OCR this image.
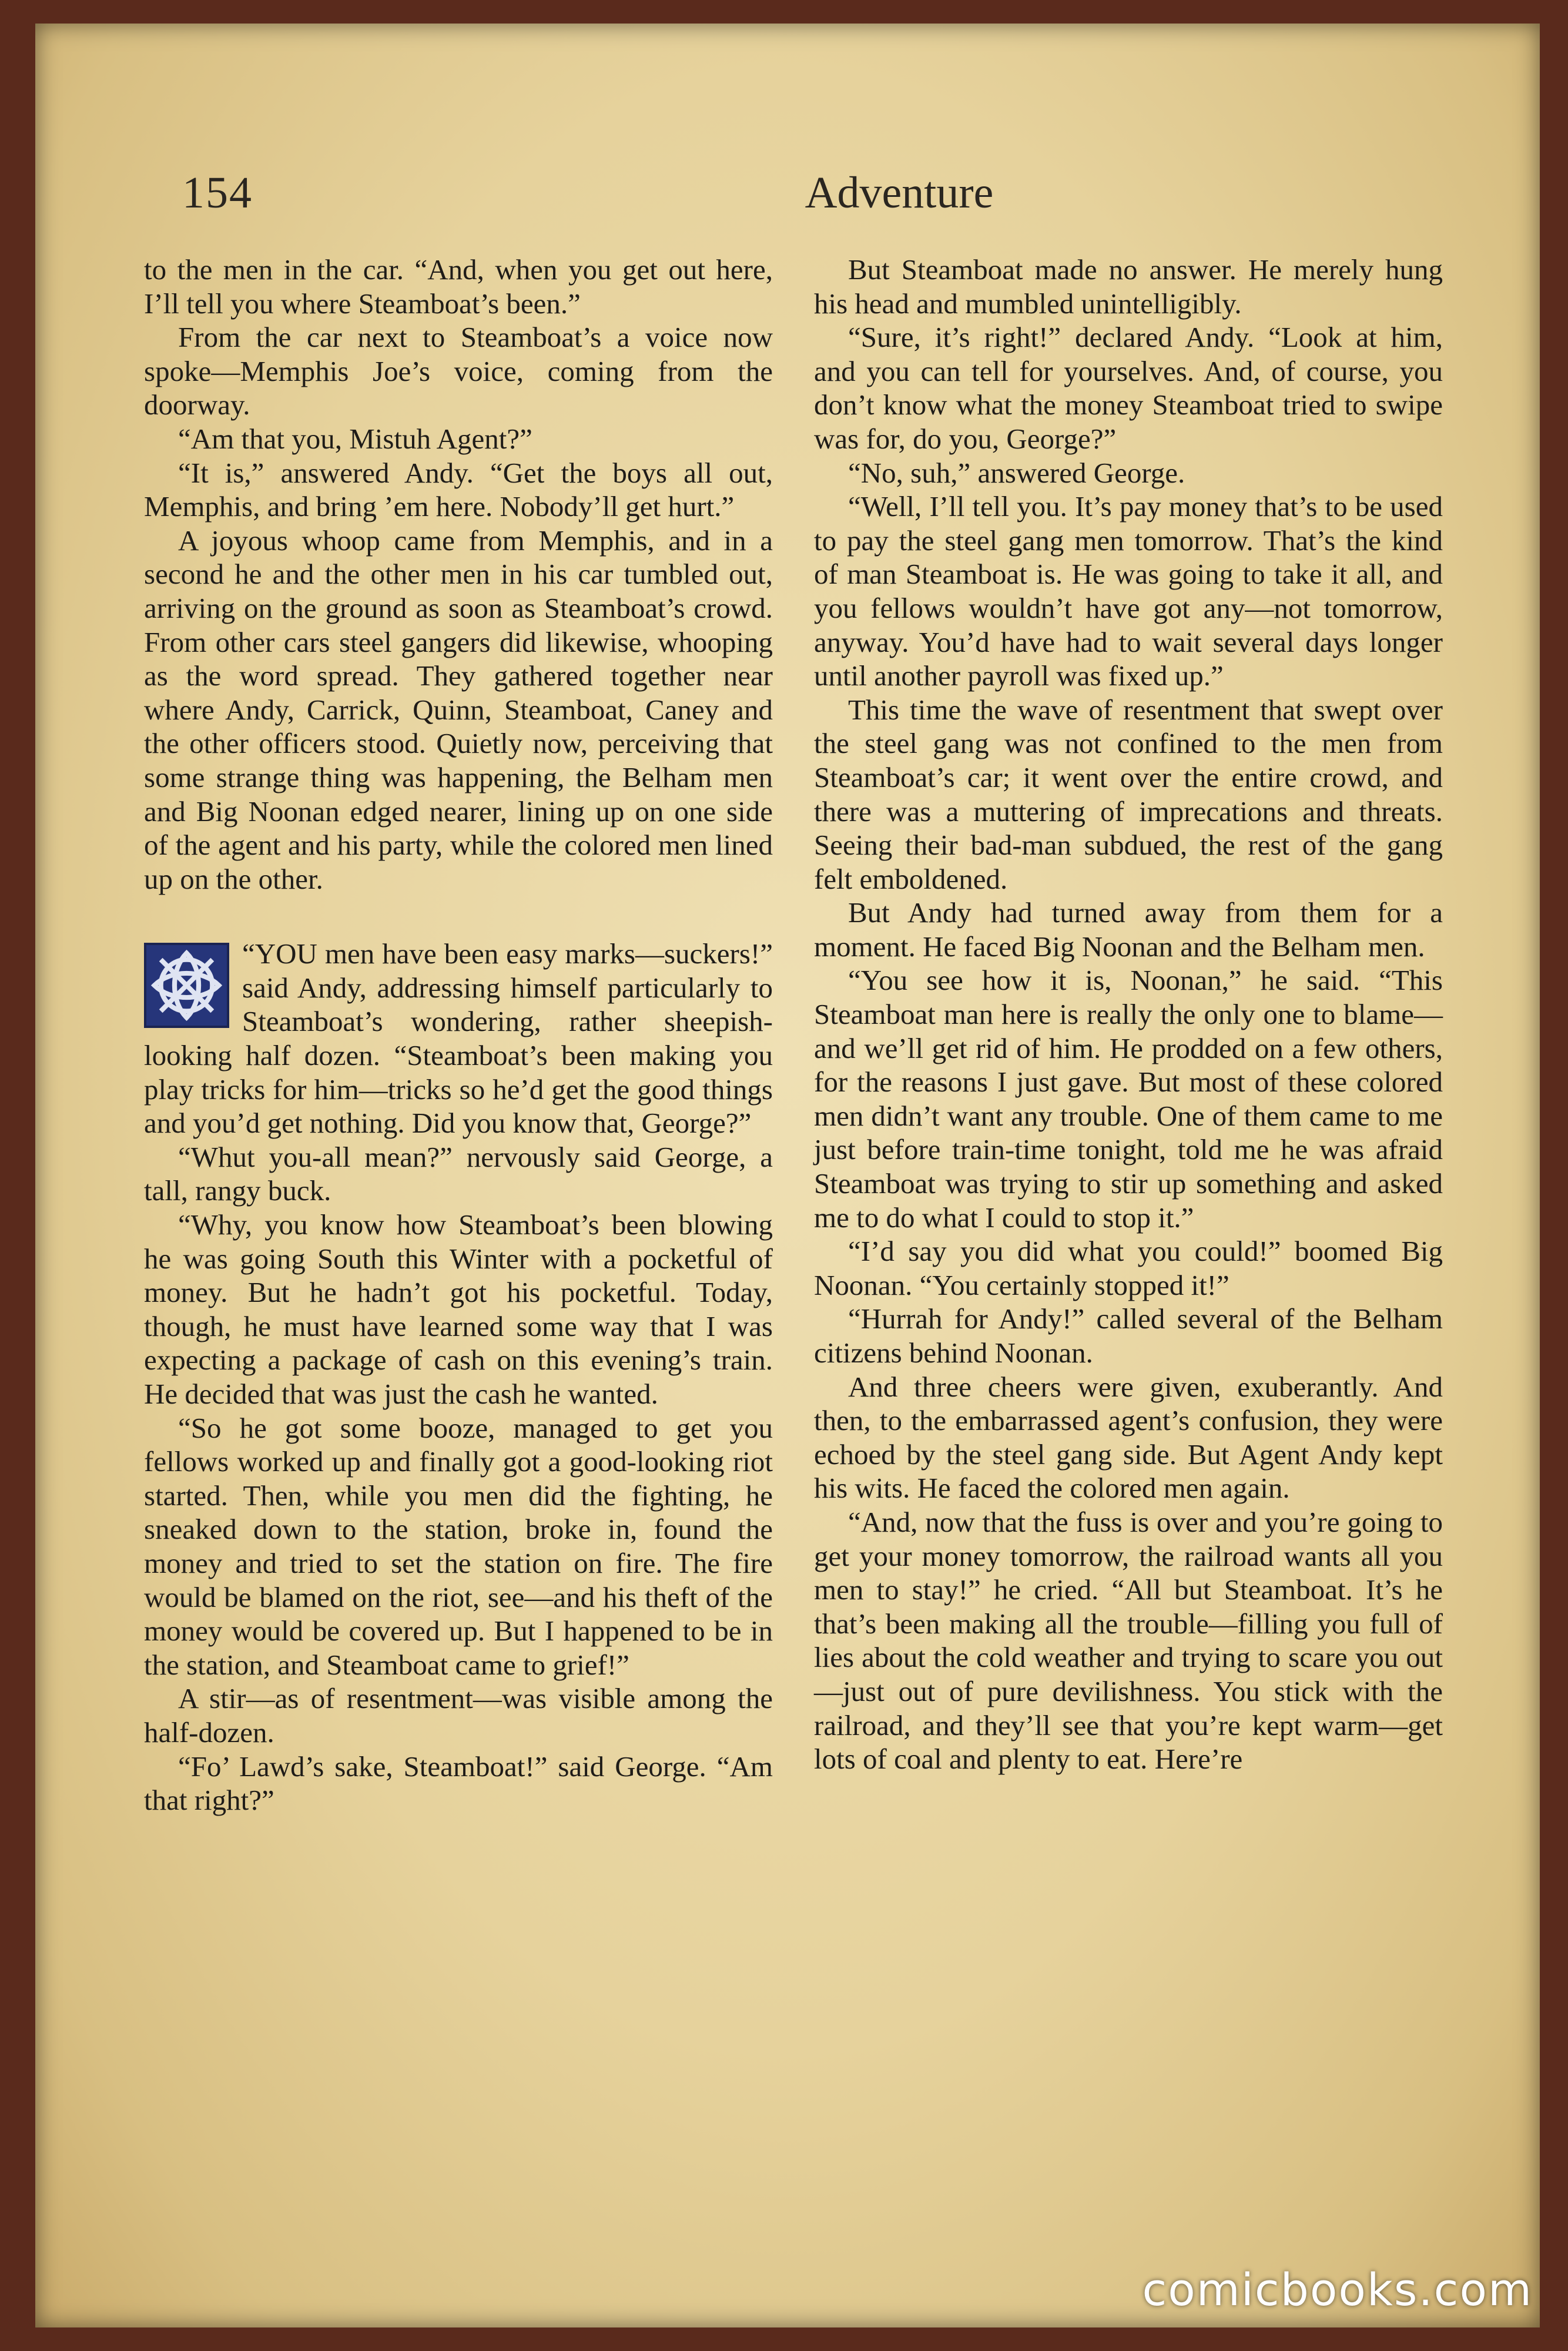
154	Adventure

to the men in the car. “And, when you get out here, I’ll tell you where Steamboat’s been.”

From the car next to Steamboat’s a voice now spoke—Memphis Joe’s voice, coming from the doorway.

“Am that you, Mistuh Agent?”

“It is,” answered Andy. “Get the boys all out, Memphis, and bring ’em here. Nobody’ll get hurt.”

A joyous whoop came from Memphis, and in a second he and the other men in his car tumbled out, arriving on the ground as soon as Steamboat’s crowd. From other cars steel gangers did likewise, whooping as the word spread. They gathered together near where Andy, Carrick, Quinn, Steamboat, Caney and the other officers stood. Quietly now, perceiving that some strange thing was happening, the Belham men and Big Noonan edged nearer, lining up on one side of the agent and his party, while the colored men lined up on the other.

“YOU men have been easy marks—suckers!” said Andy, addressing himself particularly to Steamboat’s wondering, rather sheepish-looking half dozen. “Steamboat’s been making you play tricks for him—tricks so he’d get the good things and you’d get nothing. Did you know that, George?”

“Whut you-all mean?” nervously said George, a tall, rangy buck.

“Why, you know how Steamboat’s been blowing he was going South this Winter with a pocketful of money. But he hadn’t got his pocketful. Today, though, he must have learned some way that I was expecting a package of cash on this evening’s train. He decided that was just the cash he wanted.

“So he got some booze, managed to get you fellows worked up and finally got a good-looking riot started. Then, while you men did the fighting, he sneaked down to the station, broke in, found the money and tried to set the station on fire. The fire would be blamed on the riot, see—and his theft of the money would be covered up. But I happened to be in the station, and Steamboat came to grief!”

A stir—as of resentment—was visible among the half-dozen.

“Fo’ Lawd’s sake, Steamboat!” said George. “Am that right?”

But Steamboat made no answer. He merely hung his head and mumbled unintelligibly.

“Sure, it’s right!” declared Andy. “Look at him, and you can tell for yourselves. And, of course, you don’t know what the money Steamboat tried to swipe was for, do you, George?”

“No, suh,” answered George.

“Well, I’ll tell you. It’s pay money that’s to be used to pay the steel gang men tomorrow. That’s the kind of man Steamboat is. He was going to take it all, and you fellows wouldn’t have got any—not tomorrow, anyway. You’d have had to wait several days longer until another payroll was fixed up.”

This time the wave of resentment that swept over the steel gang was not confined to the men from Steamboat’s car; it went over the entire crowd, and there was a muttering of imprecations and threats. Seeing their bad-man subdued, the rest of the gang felt emboldened.

But Andy had turned away from them for a moment. He faced Big Noonan and the Belham men.

“You see how it is, Noonan,” he said. “This Steamboat man here is really the only one to blame—and we’ll get rid of him. He prodded on a few others, for the reasons I just gave. But most of these colored men didn’t want any trouble. One of them came to me just before train-time tonight, told me he was afraid Steamboat was trying to stir up something and asked me to do what I could to stop it.”

“I’d say you did what you could!” boomed Big Noonan. “You certainly stopped it!”

“Hurrah for Andy!” called several of the Belham citizens behind Noonan.

And three cheers were given, exuberantly. And then, to the embarrassed agent’s confusion, they were echoed by the steel gang side. But Agent Andy kept his wits. He faced the colored men again.

“And, now that the fuss is over and you’re going to get your money tomorrow, the railroad wants all you men to stay!” he cried. “All but Steamboat. It’s he that’s been making all the trouble—filling you full of lies about the cold weather and trying to scare you out—just out of pure devilishness. You stick with the railroad, and they’ll see that you’re kept warm—get lots of coal and plenty to eat. Here’re

comicbooks.com
